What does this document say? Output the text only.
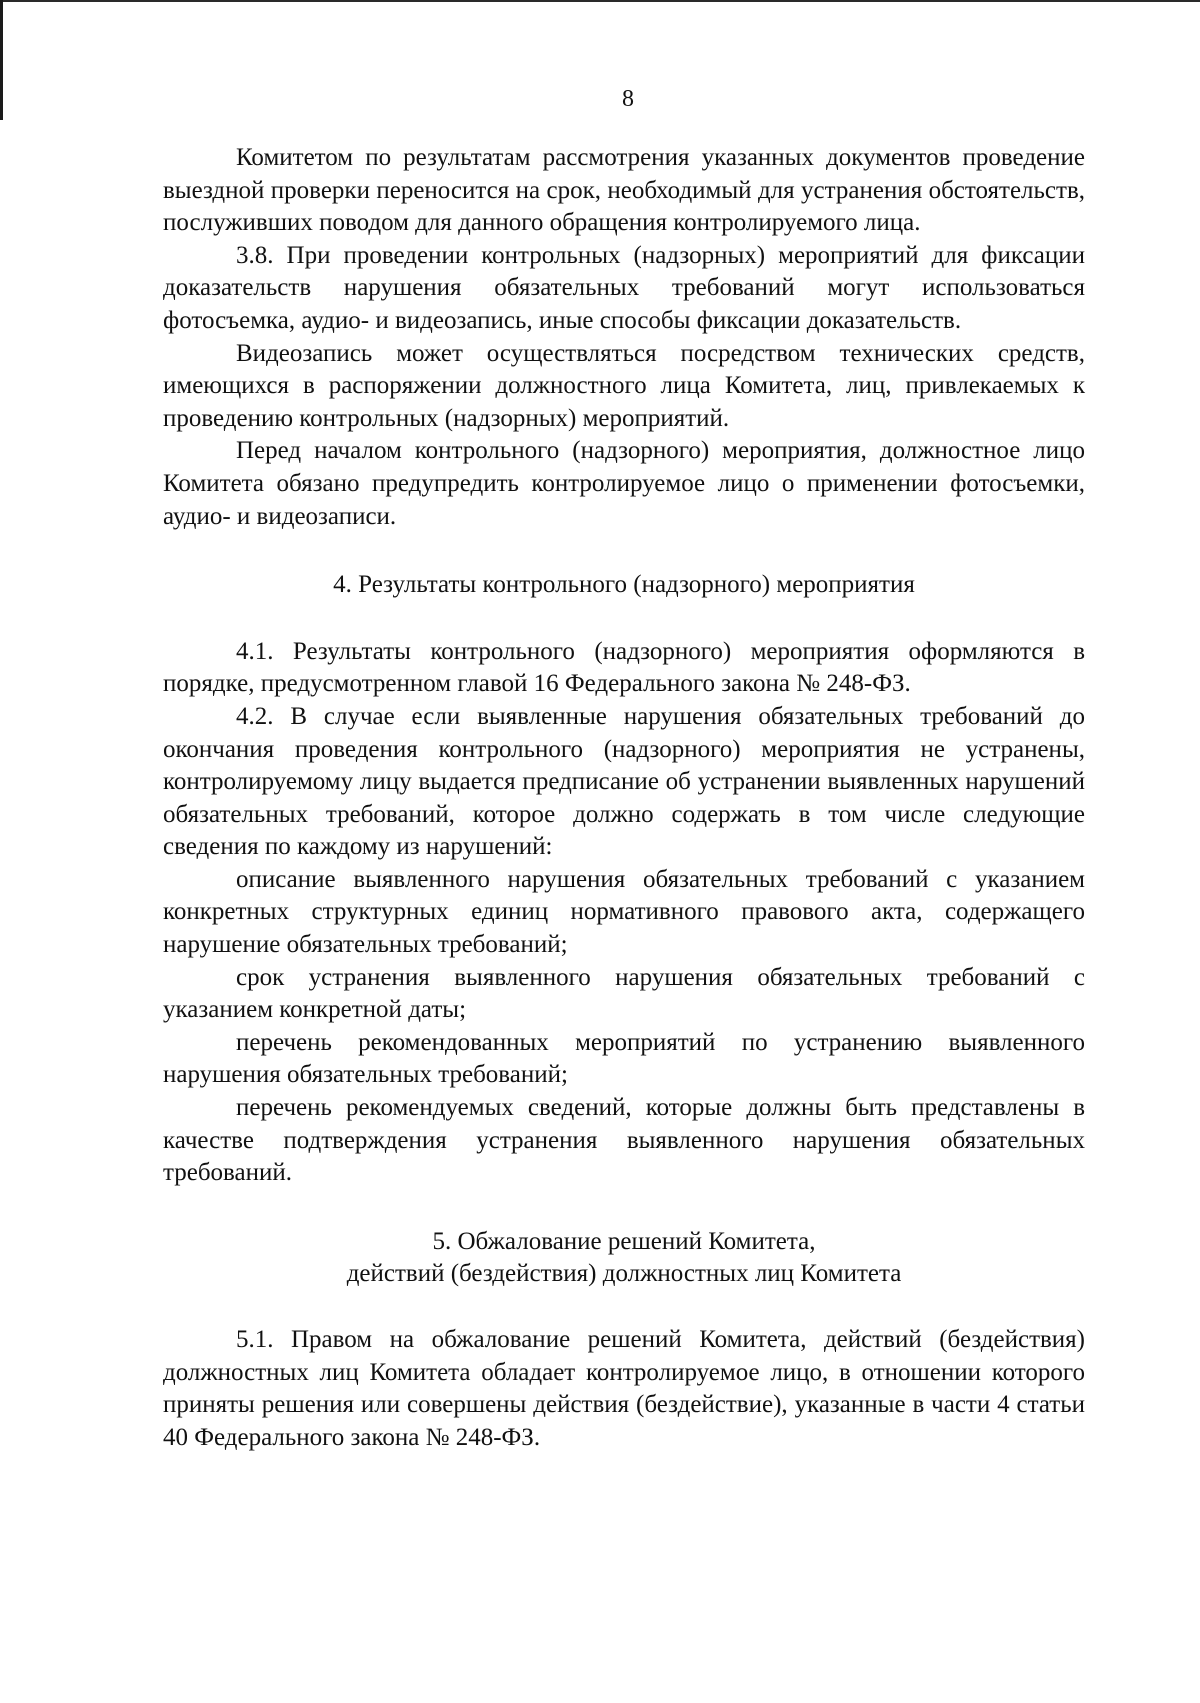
8

Комитетом по результатам рассмотрения указанных документов проведение выездной проверки переносится на срок, необходимый для устранения обстоятельств, послуживших поводом для данного обращения контролируемого лица.

3.8. При проведении контрольных (надзорных) мероприятий для фиксации доказательств нарушения обязательных требований могут использоваться фотосъемка, аудио- и видеозапись, иные способы фиксации доказательств.

Видеозапись может осуществляться посредством технических средств, имеющихся в распоряжении должностного лица Комитета, лиц, привлекаемых к проведению контрольных (надзорных) мероприятий.

Перед началом контрольного (надзорного) мероприятия, должностное лицо Комитета обязано предупредить контролируемое лицо о применении фотосъемки, аудио- и видеозаписи.

4. Результаты контрольного (надзорного) мероприятия

4.1. Результаты контрольного (надзорного) мероприятия оформляются в порядке, предусмотренном главой 16 Федерального закона № 248-ФЗ.

4.2. В случае если выявленные нарушения обязательных требований до окончания проведения контрольного (надзорного) мероприятия не устранены, контролируемому лицу выдается предписание об устранении выявленных нарушений обязательных требований, которое должно содержать в том числе следующие сведения по каждому из нарушений:

описание выявленного нарушения обязательных требований с указанием конкретных структурных единиц нормативного правового акта, содержащего нарушение обязательных требований;

срок устранения выявленного нарушения обязательных требований с указанием конкретной даты;

перечень рекомендованных мероприятий по устранению выявленного нарушения обязательных требований;

перечень рекомендуемых сведений, которые должны быть представлены в качестве подтверждения устранения выявленного нарушения обязательных требований.

5. Обжалование решений Комитета,

действий (бездействия) должностных лиц Комитета

5.1. Правом на обжалование решений Комитета, действий (бездействия) должностных лиц Комитета обладает контролируемое лицо, в отношении которого приняты решения или совершены действия (бездействие), указанные в части 4 статьи 40 Федерального закона № 248-ФЗ.
